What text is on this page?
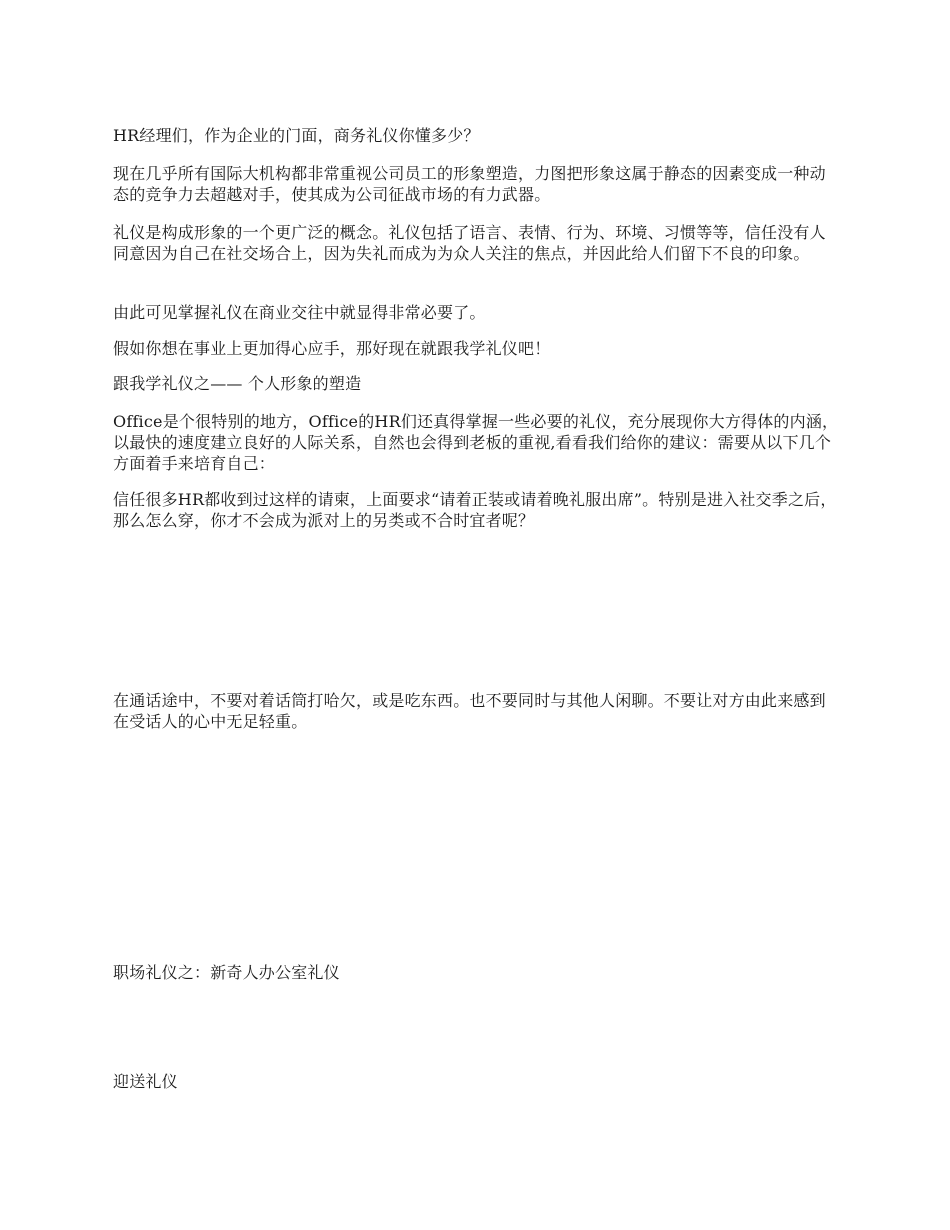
HR经理们，作为企业的门面，商务礼仪你懂多少？

现在几乎所有国际大机构都非常重视公司员工的形象塑造，力图把形象这属于静态的因素变成一种动态的竞争力去超越对手，使其成为公司征战市场的有力武器。

礼仪是构成形象的一个更广泛的概念。礼仪包括了语言、表情、行为、环境、习惯等等，信任没有人同意因为自己在社交场合上，因为失礼而成为为众人关注的焦点，并因此给人们留下不良的印象。

由此可见掌握礼仪在商业交往中就显得非常必要了。

假如你想在事业上更加得心应手，那好现在就跟我学礼仪吧！

跟我学礼仪之—— 个人形象的塑造

Office是个很特别的地方，Office的HR们还真得掌握一些必要的礼仪，充分展现你大方得体的内涵，以最快的速度建立良好的人际关系，自然也会得到老板的重视,看看我们给你的建议：需要从以下几个方面着手来培育自己：

信任很多HR都收到过这样的请柬，上面要求“请着正装或请着晚礼服出席”。特别是进入社交季之后，那么怎么穿，你才不会成为派对上的另类或不合时宜者呢？

在通话途中，不要对着话筒打哈欠，或是吃东西。也不要同时与其他人闲聊。不要让对方由此来感到在受话人的心中无足轻重。

职场礼仪之：新奇人办公室礼仪

迎送礼仪
